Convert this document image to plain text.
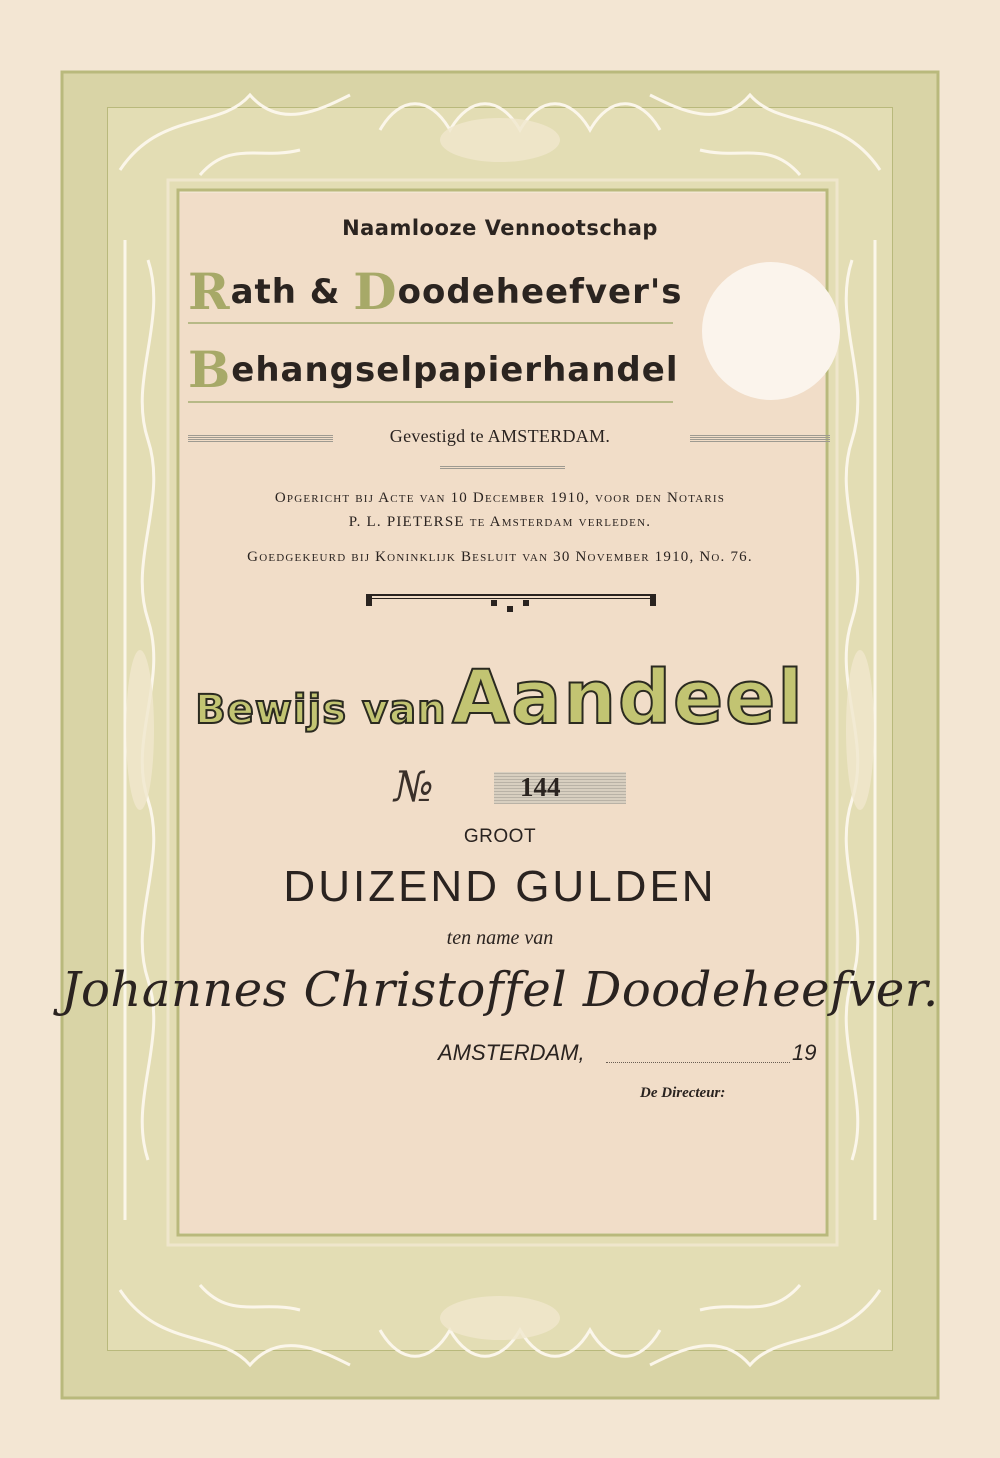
Naamlooze Vennootschap
Rath & Doodeheefver's
Behangselpapierhandel
Gevestigd te AMSTERDAM.
Opgericht bij Acte van 10 December 1910, voor den Notaris
P. L. PIETERSE te Amsterdam verleden.
Goedgekeurd bij Koninklijk Besluit van 30 November 1910, No. 76.
Bewijs van Aandeel
№	144
GROOT
DUIZEND GULDEN
ten name van
Johannes Christoffel Doodeheefver.
AMSTERDAM,	19
De Directeur:
